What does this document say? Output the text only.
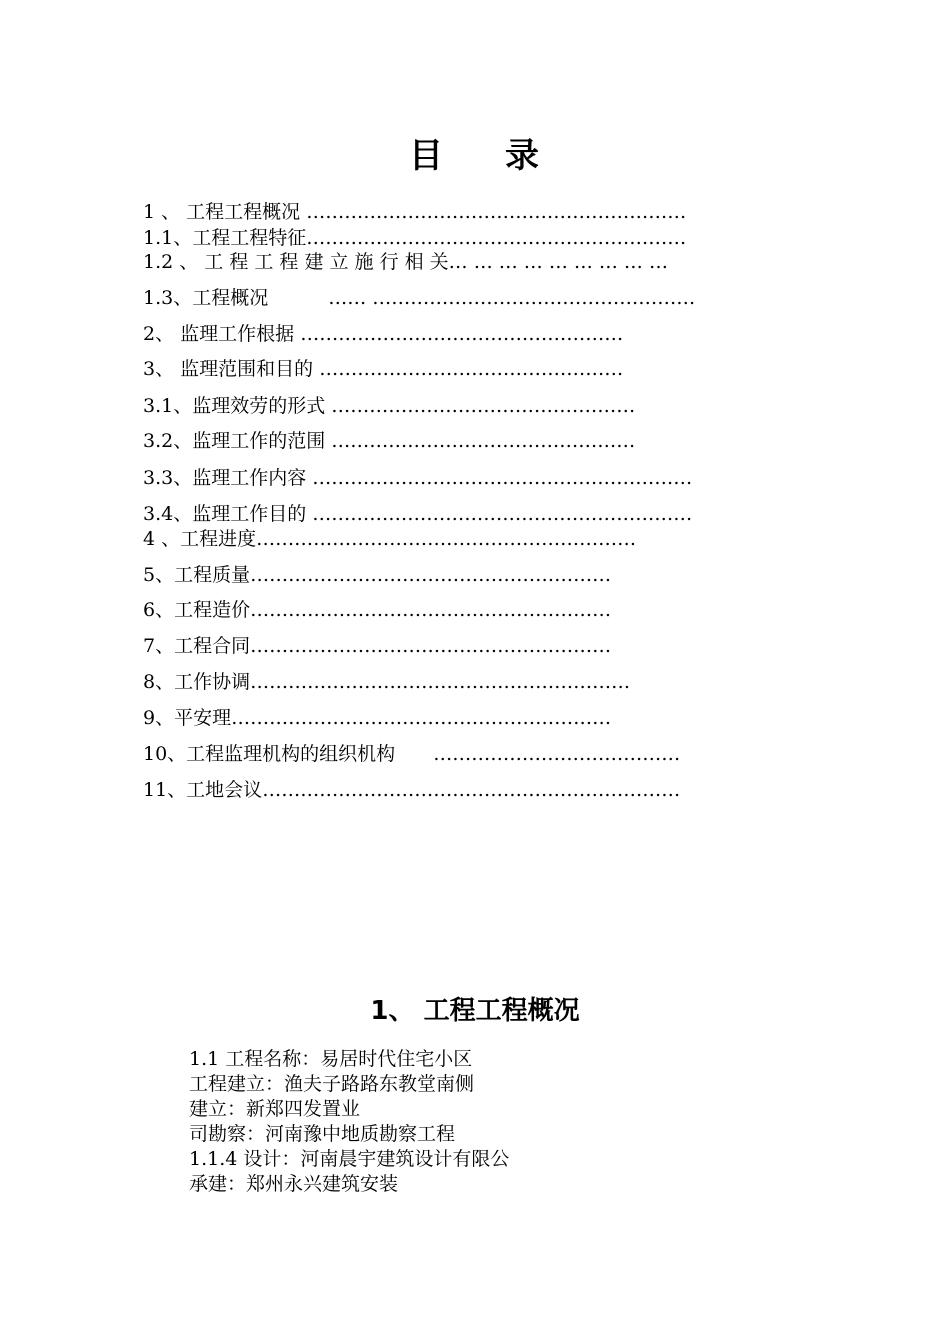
目 录
1 、 工程工程概况 ……………………………………………………
1.1、工程工程特征……………………………………………………
1.2 、 工 程 工 程 建 立 施 行 相 关… … … … … … … … …
1.3、工程概况	…… ……………………………………………
2、 监理工作根据 ……………………………………………
3、 监理范围和目的 …………………………………………
3.1、监理效劳的形式 …………………………………………
3.2、监理工作的范围 …………………………………………
3.3、监理工作内容 ……………………………………………………
3.4、监理工作目的 ……………………………………………………
4 、工程进度……………………………………………………
5、工程质量…………………………………………………
6、工程造价…………………………………………………
7、工程合同…………………………………………………
8、工作协调……………………………………………………
9、平安理……………………………………………………
10、工程监理机构的组织机构 …………………………………
11、工地会议…………………………………………………………
1、 工程工程概况
1.1 工程名称：易居时代住宅小区
工程建立：渔夫子路路东教堂南侧
建立：新郑四发置业
司勘察：河南豫中地质勘察工程
1.1.4 设计：河南晨宇建筑设计有限公
承建：郑州永兴建筑安装
